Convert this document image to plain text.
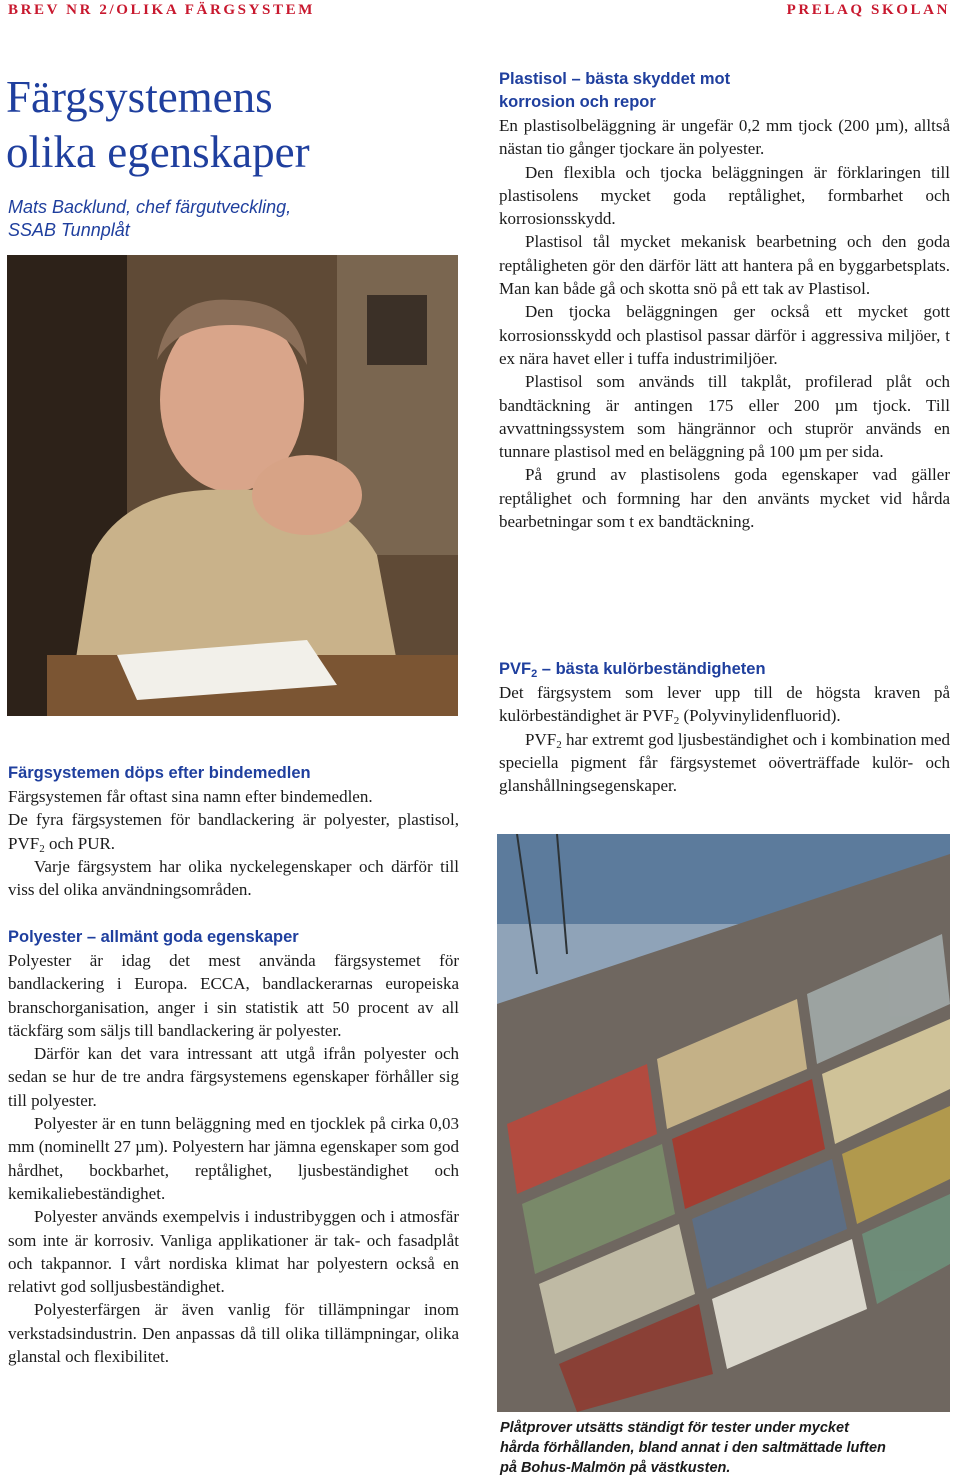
BREV NR 2/OLIKA FÄRGSYSTEM	PRELAQ SKOLAN
Färgsystemens
olika egenskaper
Mats Backlund, chef färgutveckling,
SSAB Tunnplåt
Plastisol – bästa skyddet mot
korrosion och repor

En plastisolbeläggning är ungefär 0,2 mm tjock (200 µm), alltså nästan tio gånger tjockare än polyester.

Den flexibla och tjocka beläggningen är förklaringen till plastisolens mycket goda reptålighet, formbarhet och korrosionsskydd.

Plastisol tål mycket mekanisk bearbetning och den goda reptåligheten gör den därför lätt att hantera på en byggarbetsplats. Man kan både gå och skotta snö på ett tak av Plastisol.

Den tjocka beläggningen ger också ett mycket gott korrosionsskydd och plastisol passar därför i aggressiva miljöer, t ex nära havet eller i tuffa industrimiljöer.

Plastisol som används till takplåt, profilerad plåt och bandtäckning är antingen 175 eller 200 µm tjock. Till avvattningssystem som hängrännor och stuprör används en tunnare plastisol med en beläggning på 100 µm per sida.

På grund av plastisolens goda egenskaper vad gäller reptålighet och formning har den använts mycket vid hårda bearbetningar som t ex bandtäckning.

$PVF_2$ – bästa kulörbeständigheten

Det färgsystem som lever upp till de högsta kraven på kulörbeständighet är $PVF_2$ (Polyvinylidenfluorid).

$PVF_2$ har extremt god ljusbeständighet och i kombination med speciella pigment får färgsystemet oöverträffade kulör- och glanshållningsegenskaper.

Färgsystemen döps efter bindemedlen

Färgsystemen får oftast sina namn efter bindemedlen.

De fyra färgsystemen för bandlackering är polyester, plastisol, $PVF_2$ och PUR.

Varje färgsystem har olika nyckelegenskaper och därför till viss del olika användningsområden.

Polyester – allmänt goda egenskaper

Polyester är idag det mest använda färgsystemet för bandlackering i Europa. ECCA, bandlackerarnas europeiska branschorganisation, anger i sin statistik att 50 procent av all täckfärg som säljs till bandlackering är polyester.

Därför kan det vara intressant att utgå ifrån polyester och sedan se hur de tre andra färgsystemens egenskaper förhåller sig till polyester.

Polyester är en tunn beläggning med en tjocklek på cirka 0,03 mm (nominellt 27 µm). Polyestern har jämna egenskaper som god hårdhet, bockbarhet, reptålighet, ljusbeständighet och kemikaliebeständighet.

Polyester används exempelvis i industribyggen och i atmosfär som inte är korrosiv. Vanliga applikationer är tak- och fasadplåt och takpannor. I vårt nordiska klimat har polyestern också en relativt god solljusbeständighet.

Polyesterfärgen är även vanlig för tillämpningar inom verkstadsindustrin. Den anpassas då till olika tillämpningar, olika glanstal och flexibilitet.

Plåtprover utsätts ständigt för tester under mycket
hårda förhållanden, bland annat i den saltmättade luften
på Bohus-Malmön på västkusten.
